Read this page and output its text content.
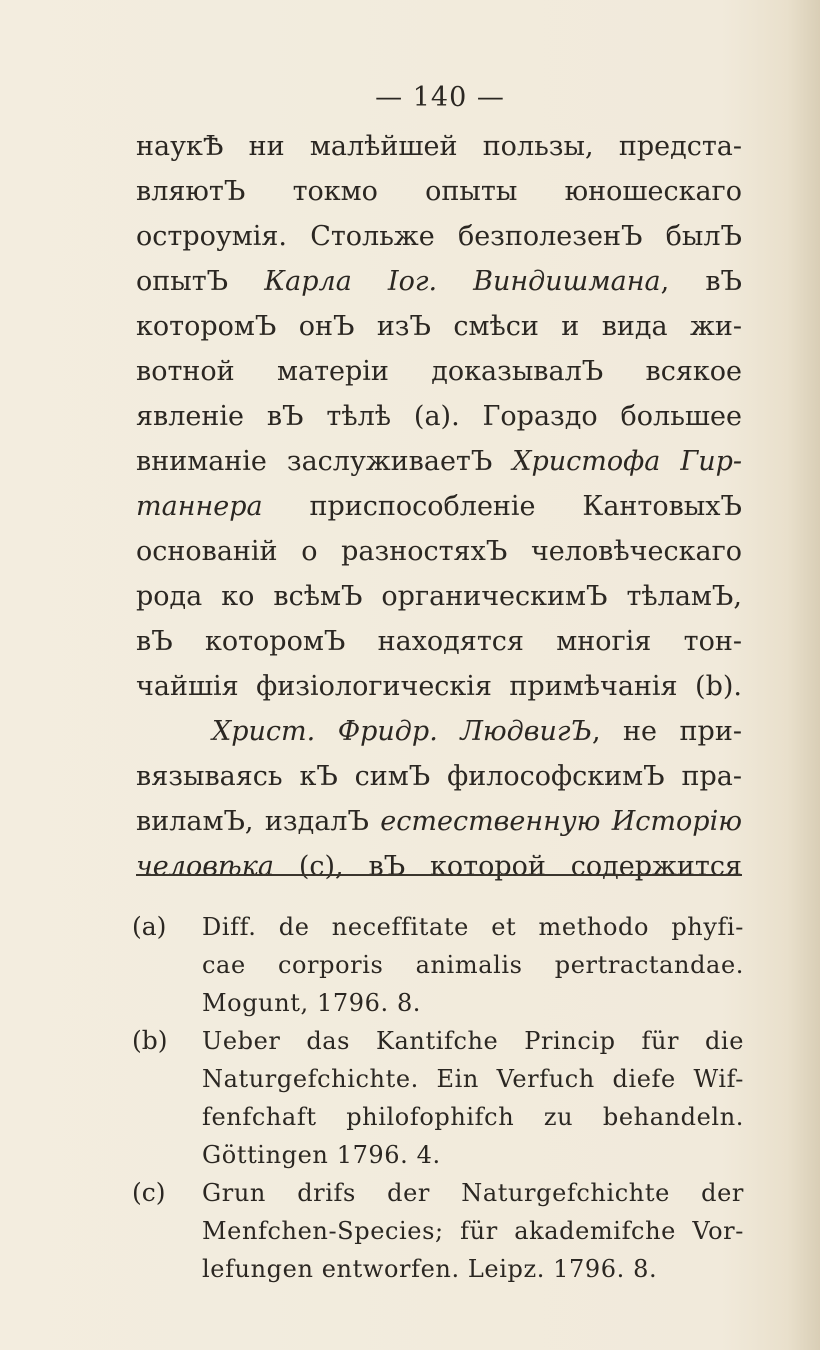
— 140 —
наукѢ ни малѣйшей пользы, предста-
вляютЪ токмо опыты юношескаго
остроумія. Стольже безполезенЪ былЪ
опытЪ Карла Іог. Виндишмана, вЪ
которомЪ онЪ изЪ смѣси и вида жи-
вотной матеріи доказывалЪ всякое
явленіе вЪ тѣлѣ (а). Гораздо большее
вниманіе заслуживаетЪ Христофа Гир-
таннера приспособленіе КантовыхЪ
основаній о разностяхЪ человѣческаго
рода ко всѣмЪ органическимЪ тѣламЪ,
вЪ которомЪ находятся многія тон-
чайшія физіологическія примѣчанія (b).
Христ. Фридр. ЛюдвигЪ, не при-
вязываясь кЪ симЪ философскимЪ пра-
виламЪ, издалЪ естественную Исторію
человѣка (с), вЪ которой содержится
(a) Diff. de neceffitate et methodo phyfi-
cae corporis animalis pertractandae.
Mogunt, 1796. 8.
(b) Ueber das Kantifche Princip für die
Naturgefchichte. Ein Verfuch diefe Wif-
fenfchaft philofophifch zu behandeln.
Göttingen 1796. 4.
(c) Grun drifs der Naturgefchichte der
Menfchen-Species; für akademifche Vor-
lefungen entworfen. Leipz. 1796. 8.
